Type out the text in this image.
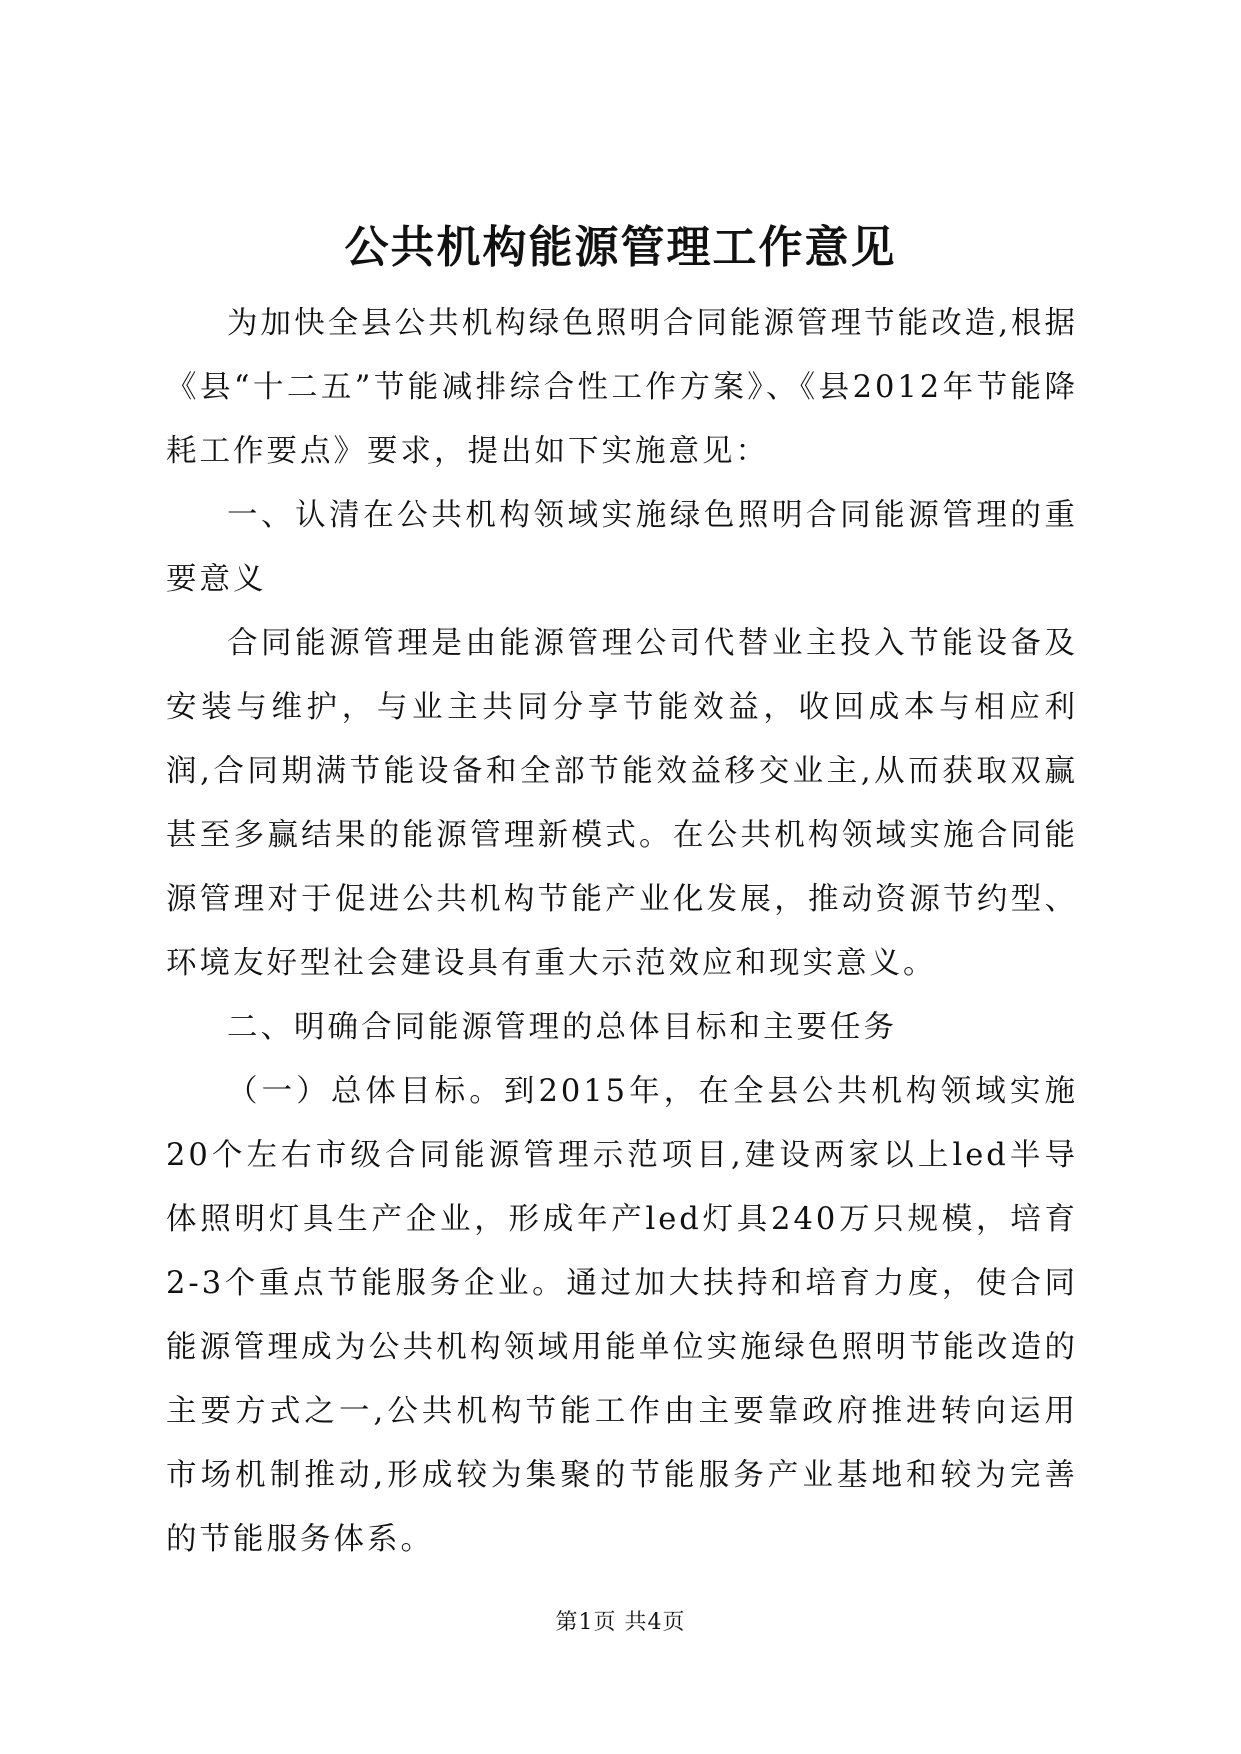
公共机构能源管理工作意见

为加快全县公共机构绿色照明合同能源管理节能改造,根据《县“十二五”节能减排综合性工作方案》、《县2012年节能降耗工作要点》要求，提出如下实施意见：

一、认清在公共机构领域实施绿色照明合同能源管理的重要意义

合同能源管理是由能源管理公司代替业主投入节能设备及安装与维护，与业主共同分享节能效益，收回成本与相应利润,合同期满节能设备和全部节能效益移交业主,从而获取双赢甚至多赢结果的能源管理新模式。在公共机构领域实施合同能源管理对于促进公共机构节能产业化发展，推动资源节约型、环境友好型社会建设具有重大示范效应和现实意义。

二、明确合同能源管理的总体目标和主要任务

（一）总体目标。到2015年，在全县公共机构领域实施20个左右市级合同能源管理示范项目,建设两家以上led半导体照明灯具生产企业，形成年产led灯具240万只规模，培育2-3个重点节能服务企业。通过加大扶持和培育力度，使合同能源管理成为公共机构领域用能单位实施绿色照明节能改造的主要方式之一,公共机构节能工作由主要靠政府推进转向运用市场机制推动,形成较为集聚的节能服务产业基地和较为完善的节能服务体系。

第1页 共4页
